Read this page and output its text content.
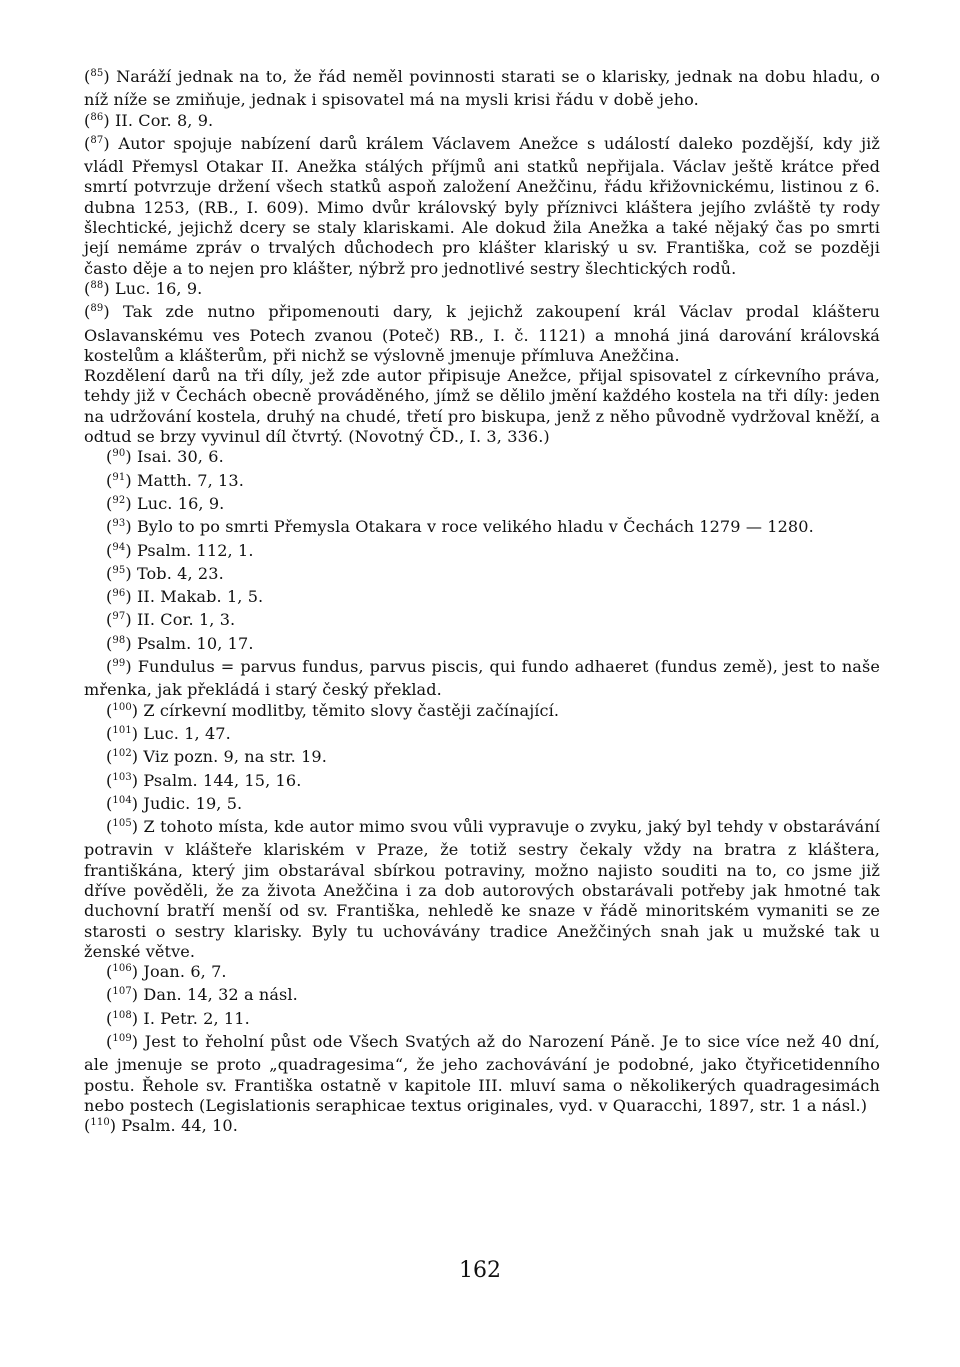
($^{85}$) Naráží jednak na to, že řád neměl povinnosti starati se o klarisky, jednak na dobu hladu, o níž níže se zmiňuje, jednak i spisovatel má na mysli krisi řádu v době jeho.

($^{86}$) II. Cor. 8, 9.

($^{87}$) Autor spojuje nabízení darů králem Václavem Anežce s událostí daleko pozdější, kdy již vládl Přemysl Otakar II. Anežka stálých příjmů ani statků nepřijala. Václav ještě krátce před smrtí potvrzuje držení všech statků aspoň založení Anežčinu, řádu křižovnickému, listinou z 6. dubna 1253, (RB., I. 609). Mimo dvůr královský byly příznivci kláštera jejího zvláště ty rody šlechtické, jejichž dcery se staly klariskami. Ale dokud žila Anežka a také nějaký čas po smrti její nemáme zpráv o trvalých důchodech pro klášter klariský u sv. Františka, což se později často děje a to nejen pro klášter, nýbrž pro jednotlivé sestry šlechtických rodů.

($^{88}$) Luc. 16, 9.

($^{89}$) Tak zde nutno připomenouti dary, k jejichž zakoupení král Václav prodal klášteru Oslavanskému ves Potech zvanou (Poteč) RB., I. č. 1121) a mnohá jiná darování královská kostelům a klášterům, při nichž se výslovně jmenuje přímluva Anežčina.

Rozdělení darů na tři díly, jež zde autor připisuje Anežce, přijal spisovatel z církevního práva, tehdy již v Čechách obecně prováděného, jímž se dělilo jmění každého kostela na tři díly: jeden na udržování kostela, druhý na chudé, třetí pro biskupa, jenž z něho původně vydržoval kněží, a odtud se brzy vyvinul díl čtvrtý. (Novotný ČD., I. 3, 336.)

($^{90}$) Isai. 30, 6.

($^{91}$) Matth. 7, 13.

($^{92}$) Luc. 16, 9.

($^{93}$) Bylo to po smrti Přemysla Otakara v roce velikého hladu v Čechách 1279 — 1280.

($^{94}$) Psalm. 112, 1.

($^{95}$) Tob. 4, 23.

($^{96}$) II. Makab. 1, 5.

($^{97}$) II. Cor. 1, 3.

($^{98}$) Psalm. 10, 17.

($^{99}$) Fundulus = parvus fundus, parvus piscis, qui fundo adhaeret (fundus země), jest to naše mřenka, jak překládá i starý český překlad.

($^{100}$) Z církevní modlitby, těmito slovy častěji začínající.

($^{101}$) Luc. 1, 47.

($^{102}$) Viz pozn. 9, na str. 19.

($^{103}$) Psalm. 144, 15, 16.

($^{104}$) Judic. 19, 5.

($^{105}$) Z tohoto místa, kde autor mimo svou vůli vypravuje o zvyku, jaký byl tehdy v obstarávání potravin v klášteře klariském v Praze, že totiž sestry čekaly vždy na bratra z kláštera, františkána, který jim obstarával sbírkou potraviny, možno najisto souditi na to, co jsme již dříve pověděli, že za života Anežčina i za dob autorových obstarávali potřeby jak hmotné tak duchovní bratří menší od sv. Františka, nehledě ke snaze v řádě minoritském vymaniti se ze starosti o sestry klarisky. Byly tu uchovávány tradice Anežčiných snah jak u mužské tak u ženské větve.

($^{106}$) Joan. 6, 7.

($^{107}$) Dan. 14, 32 a násl.

($^{108}$) I. Petr. 2, 11.

($^{109}$) Jest to řeholní půst ode Všech Svatých až do Narození Páně. Je to sice více než 40 dní, ale jmenuje se proto „quadragesima“, že jeho zachovávání je podobné, jako čtyřicetidenního postu. Řehole sv. Františka ostatně v kapitole III. mluví sama o několikerých quadragesimách nebo postech (Legislationis seraphicae textus originales, vyd. v Quaracchi, 1897, str. 1 a násl.)

($^{110}$) Psalm. 44, 10.

162
